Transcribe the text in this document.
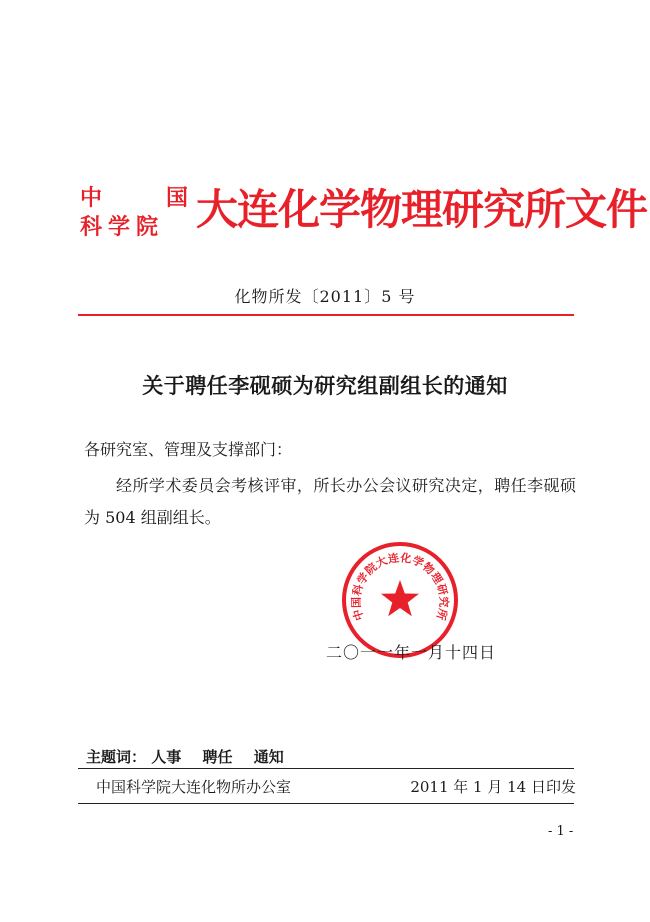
中	国
科学院 大连化学物理研究所文件
化物所发〔2011〕5 号
关于聘任李砚硕为研究组副组长的通知
各研究室、管理及支撑部门：
经所学术委员会考核评审，所长办公会议研究决定，聘任李砚硕为 504 组副组长。
中国科学院大连化学物理研究所
二〇一一年一月十四日
主题词： 人事 聘任 通知
中国科学院大连化物所办公室	2011 年 1 月 14 日印发
- 1 -
